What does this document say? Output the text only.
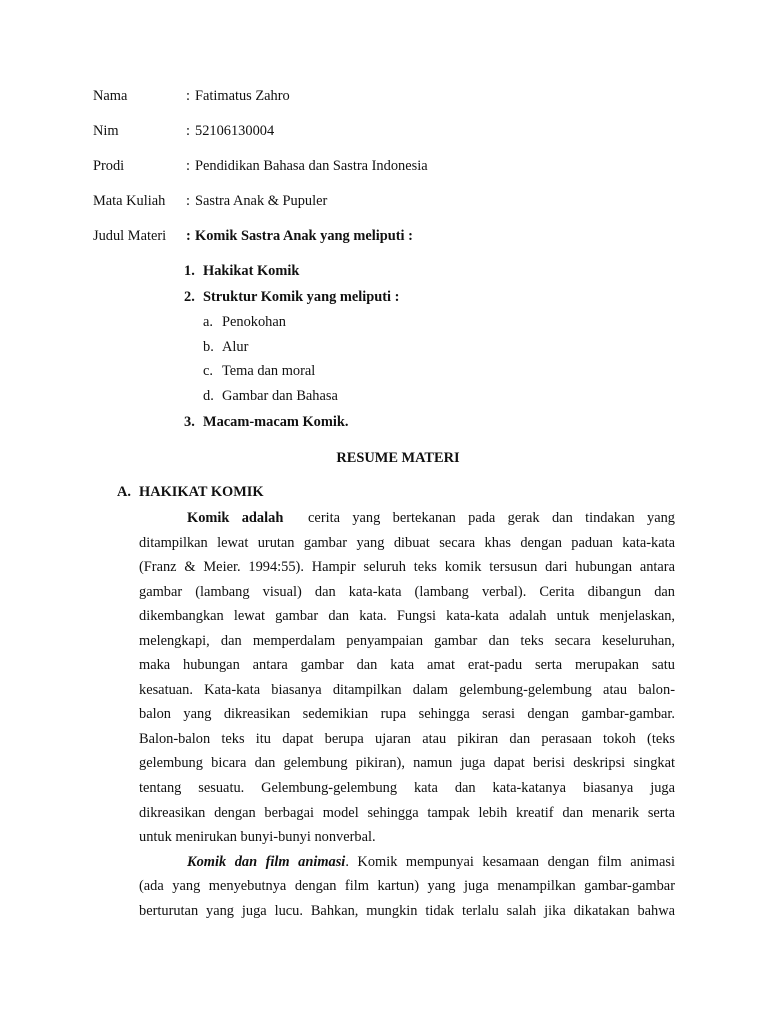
Nama	: Fatimatus Zahro
Nim	: 52106130004
Prodi	: Pendidikan Bahasa dan Sastra Indonesia
Mata Kuliah	: Sastra Anak & Pupuler
Judul Materi	: Komik Sastra Anak yang meliputi :
1. Hakikat Komik
2. Struktur Komik yang meliputi :
a. Penokohan
b. Alur
c. Tema dan moral
d. Gambar dan Bahasa
3. Macam-macam Komik.
RESUME MATERI
A. HAKIKAT KOMIK
Komik adalah cerita yang bertekanan pada gerak dan tindakan yang
ditampilkan lewat urutan gambar yang dibuat secara khas dengan paduan kata-kata
(Franz & Meier. 1994:55). Hampir seluruh teks komik tersusun dari hubungan antara
gambar (lambang visual) dan kata-kata (lambang verbal). Cerita dibangun dan
dikembangkan lewat gambar dan kata. Fungsi kata-kata adalah untuk menjelaskan,
melengkapi, dan memperdalam penyampaian gambar dan teks secara keseluruhan,
maka hubungan antara gambar dan kata amat erat-padu serta merupakan satu
kesatuan. Kata-kata biasanya ditampilkan dalam gelembung-gelembung atau balon-
balon yang dikreasikan sedemikian rupa sehingga serasi dengan gambar-gambar.
Balon-balon teks itu dapat berupa ujaran atau pikiran dan perasaan tokoh (teks
gelembung bicara dan gelembung pikiran), namun juga dapat berisi deskripsi singkat
tentang sesuatu. Gelembung-gelembung kata dan kata-katanya biasanya juga
dikreasikan dengan berbagai model sehingga tampak lebih kreatif dan menarik serta
untuk menirukan bunyi-bunyi nonverbal.
Komik dan film animasi. Komik mempunyai kesamaan dengan film animasi
(ada yang menyebutnya dengan film kartun) yang juga menampilkan gambar-gambar
berturutan yang juga lucu. Bahkan, mungkin tidak terlalu salah jika dikatakan bahwa
